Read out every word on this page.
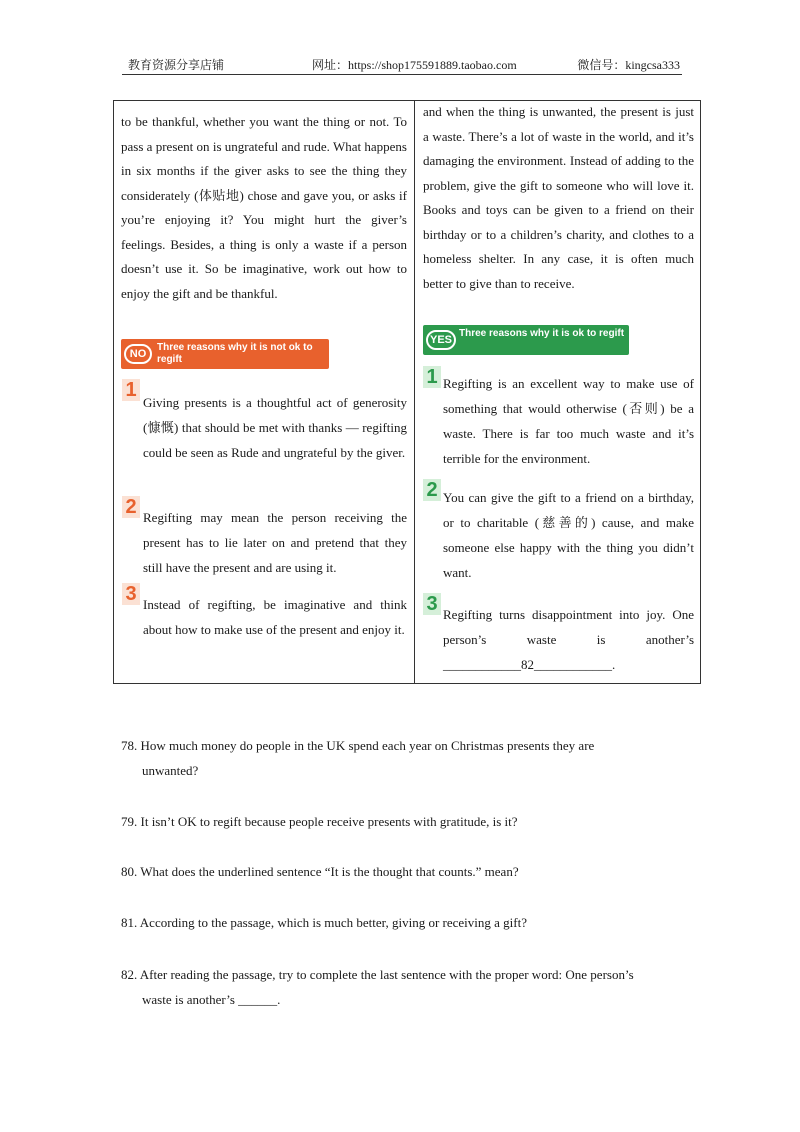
教育资源分享店铺	网址：https://shop175591889.taobao.com	微信号：kingcsa333

to be thankful, whether you want the thing or not. To pass a present on is ungrateful and rude. What happens in six months if the giver asks to see the thing they considerately (体贴地) chose and gave you, or asks if you’re enjoying it? You might hurt the giver’s feelings. Besides, a thing is only a waste if a person doesn’t use it. So be imaginative, work out how to enjoy the gift and be thankful.

NO
Three reasons why it is not ok to regift
1

Giving presents is a thoughtful act of generosity (慷慨) that should be met with thanks — regifting could be seen as Rude and ungrateful by the giver.

2 Regifting may mean the person receiving the present has to lie later on and pretend that they still have the present and are using it.

3 Instead of regifting, be imaginative and think about how to make use of the present and enjoy it.

and when the thing is unwanted, the present is just a waste. There’s a lot of waste in the world, and it’s damaging the environment. Instead of adding to the problem, give the gift to someone who will love it. Books and toys can be given to a friend on their birthday or to a children’s charity, and clothes to a homeless shelter. In any case, it is often much better to give than to receive.

YES
Three reasons why it is ok to regift
1 Regifting is an excellent way to make use of something that would otherwise (否则) be a waste. There is far too much waste and it’s terrible for the environment.

2 You can give the gift to a friend on a birthday, or to charitable (慈善的) cause, and make someone else happy with the thing you didn’t want.

3 Regifting turns disappointment into joy. One person’s waste is another’s ____________82____________.

78. How much money do people in the UK spend each year on Christmas presents they are
unwanted?

79. It isn’t OK to regift because people receive presents with gratitude, is it?

80. What does the underlined sentence “It is the thought that counts.” mean?

81. According to the passage, which is much better, giving or receiving a gift?

82. After reading the passage, try to complete the last sentence with the proper word: One person’s
waste is another’s ______.
